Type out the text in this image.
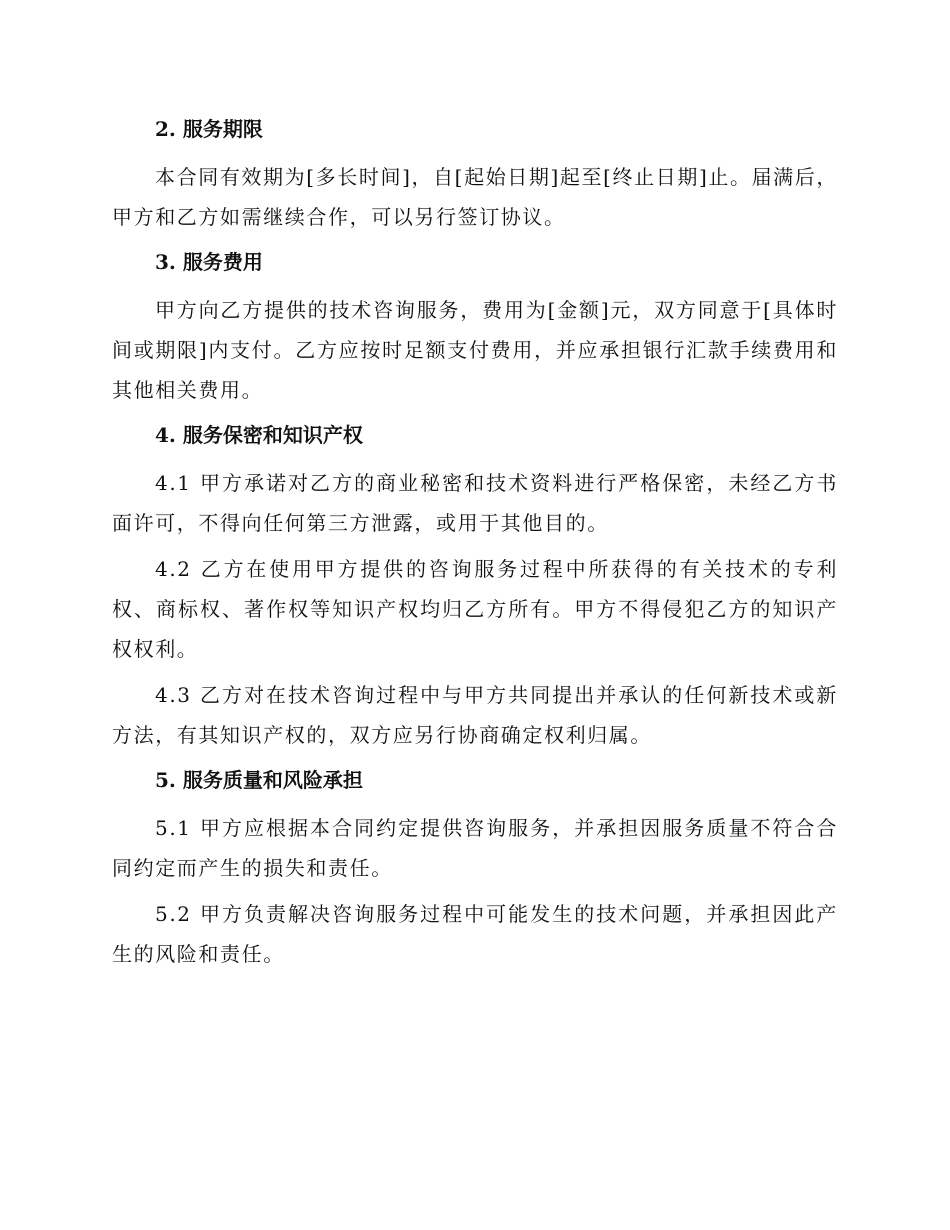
2. 服务期限

本合同有效期为[多长时间]，自[起始日期]起至[终止日期]止。届满后，甲方和乙方如需继续合作，可以另行签订协议。

3. 服务费用

甲方向乙方提供的技术咨询服务，费用为[金额]元，双方同意于[具体时间或期限]内支付。乙方应按时足额支付费用，并应承担银行汇款手续费用和其他相关费用。

4. 服务保密和知识产权

4.1 甲方承诺对乙方的商业秘密和技术资料进行严格保密，未经乙方书面许可，不得向任何第三方泄露，或用于其他目的。

4.2 乙方在使用甲方提供的咨询服务过程中所获得的有关技术的专利权、商标权、著作权等知识产权均归乙方所有。甲方不得侵犯乙方的知识产权权利。

4.3 乙方对在技术咨询过程中与甲方共同提出并承认的任何新技术或新方法，有其知识产权的，双方应另行协商确定权利归属。

5. 服务质量和风险承担

5.1 甲方应根据本合同约定提供咨询服务，并承担因服务质量不符合合同约定而产生的损失和责任。

5.2 甲方负责解决咨询服务过程中可能发生的技术问题，并承担因此产生的风险和责任。
